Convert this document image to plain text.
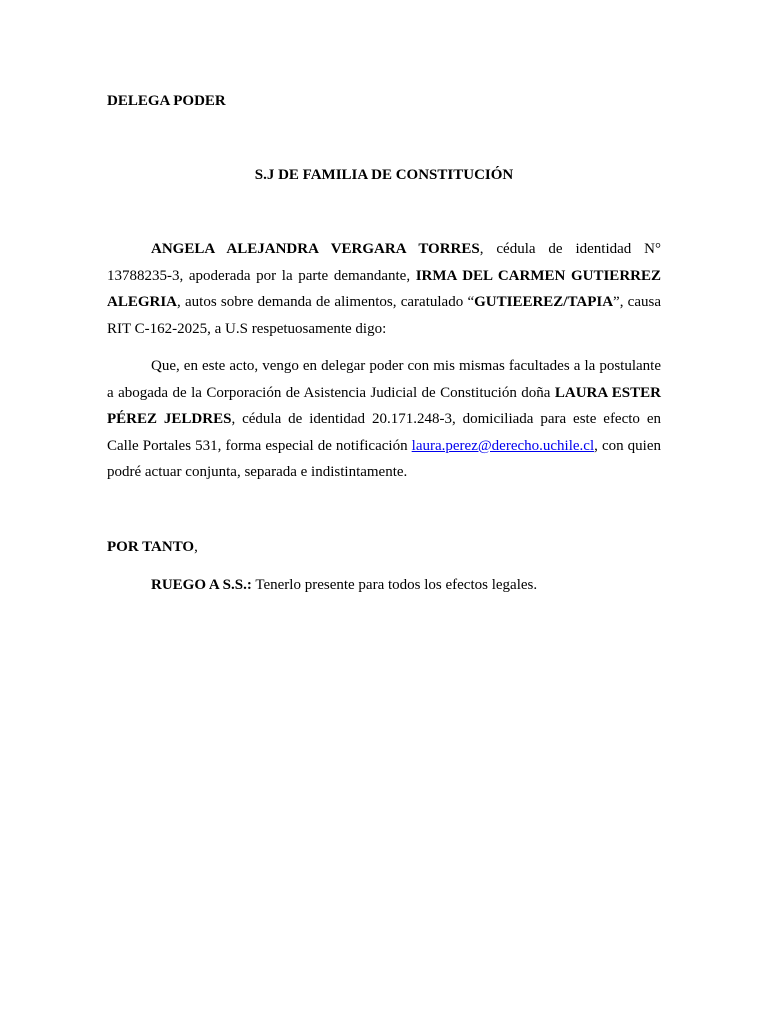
DELEGA PODER

S.J DE FAMILIA DE CONSTITUCIÓN

ANGELA ALEJANDRA VERGARA TORRES, cédula de identidad N° 13788235-3, apoderada por la parte demandante, IRMA DEL CARMEN GUTIERREZ ALEGRIA, autos sobre demanda de alimentos, caratulado “GUTIEEREZ/TAPIA”, causa RIT C-162-2025, a U.S respetuosamente digo:

Que, en este acto, vengo en delegar poder con mis mismas facultades a la postulante a abogada de la Corporación de Asistencia Judicial de Constitución doña LAURA ESTER PÉREZ JELDRES, cédula de identidad 20.171.248-3, domiciliada para este efecto en Calle Portales 531, forma especial de notificación laura.perez@derecho.uchile.cl, con quien podré actuar conjunta, separada e indistintamente.

POR TANTO,

RUEGO A S.S.: Tenerlo presente para todos los efectos legales.
